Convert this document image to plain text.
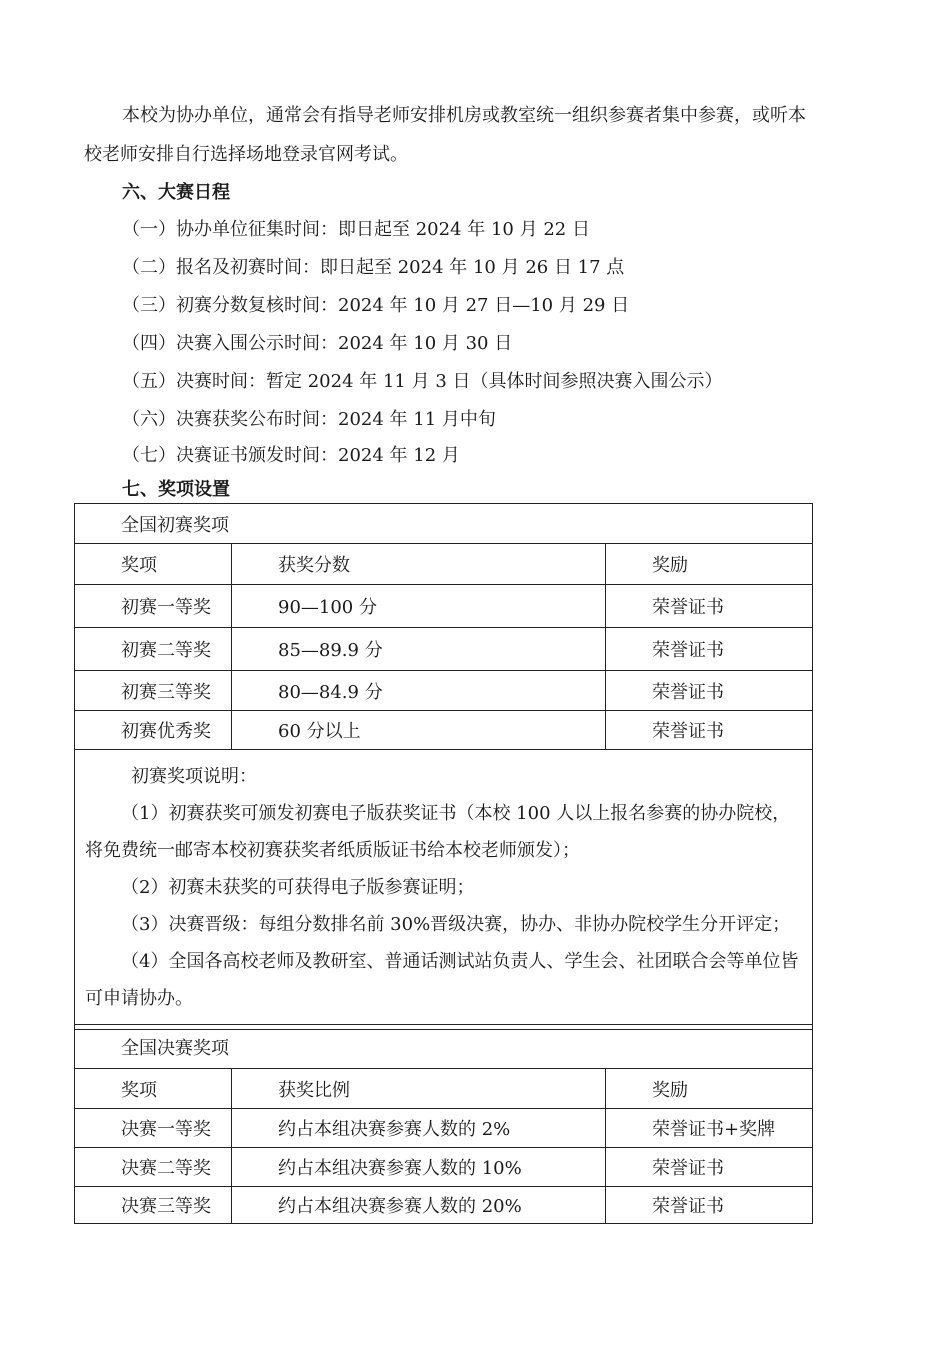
本校为协办单位，通常会有指导老师安排机房或教室统一组织参赛者集中参赛，或听本
校老师安排自行选择场地登录官网考试。
六、大赛日程
（一）协办单位征集时间：即日起至 2024 年 10 月 22 日
（二）报名及初赛时间：即日起至 2024 年 10 月 26 日 17 点
（三）初赛分数复核时间：2024 年 10 月 27 日—10 月 29 日
（四）决赛入围公示时间：2024 年 10 月 30 日
（五）决赛时间：暂定 2024 年 11 月 3 日（具体时间参照决赛入围公示）
（六）决赛获奖公布时间：2024 年 11 月中旬
（七）决赛证书颁发时间：2024 年 12 月
七、奖项设置
全国初赛奖项		
奖项	获奖分数	奖励
初赛一等奖	90—100 分	荣誉证书
初赛二等奖	85—89.9 分	荣誉证书
初赛三等奖	80—84.9 分	荣誉证书
初赛优秀奖	60 分以上	荣誉证书

初赛奖项说明：
（1）初赛获奖可颁发初赛电子版获奖证书（本校 100 人以上报名参赛的协办院校，将免费统一邮寄本校初赛获奖者纸质版证书给本校老师颁发）；
（2）初赛未获奖的可获得电子版参赛证明；
（3）决赛晋级：每组分数排名前 30%晋级决赛，协办、非协办院校学生分开评定；
（4）全国各高校老师及教研室、普通话测试站负责人、学生会、社团联合会等单位皆可申请协办。		
全国决赛奖项		
奖项	获奖比例	奖励
决赛一等奖	约占本组决赛参赛人数的 2%	荣誉证书+奖牌
决赛二等奖	约占本组决赛参赛人数的 10%	荣誉证书
决赛三等奖	约占本组决赛参赛人数的 20%	荣誉证书
